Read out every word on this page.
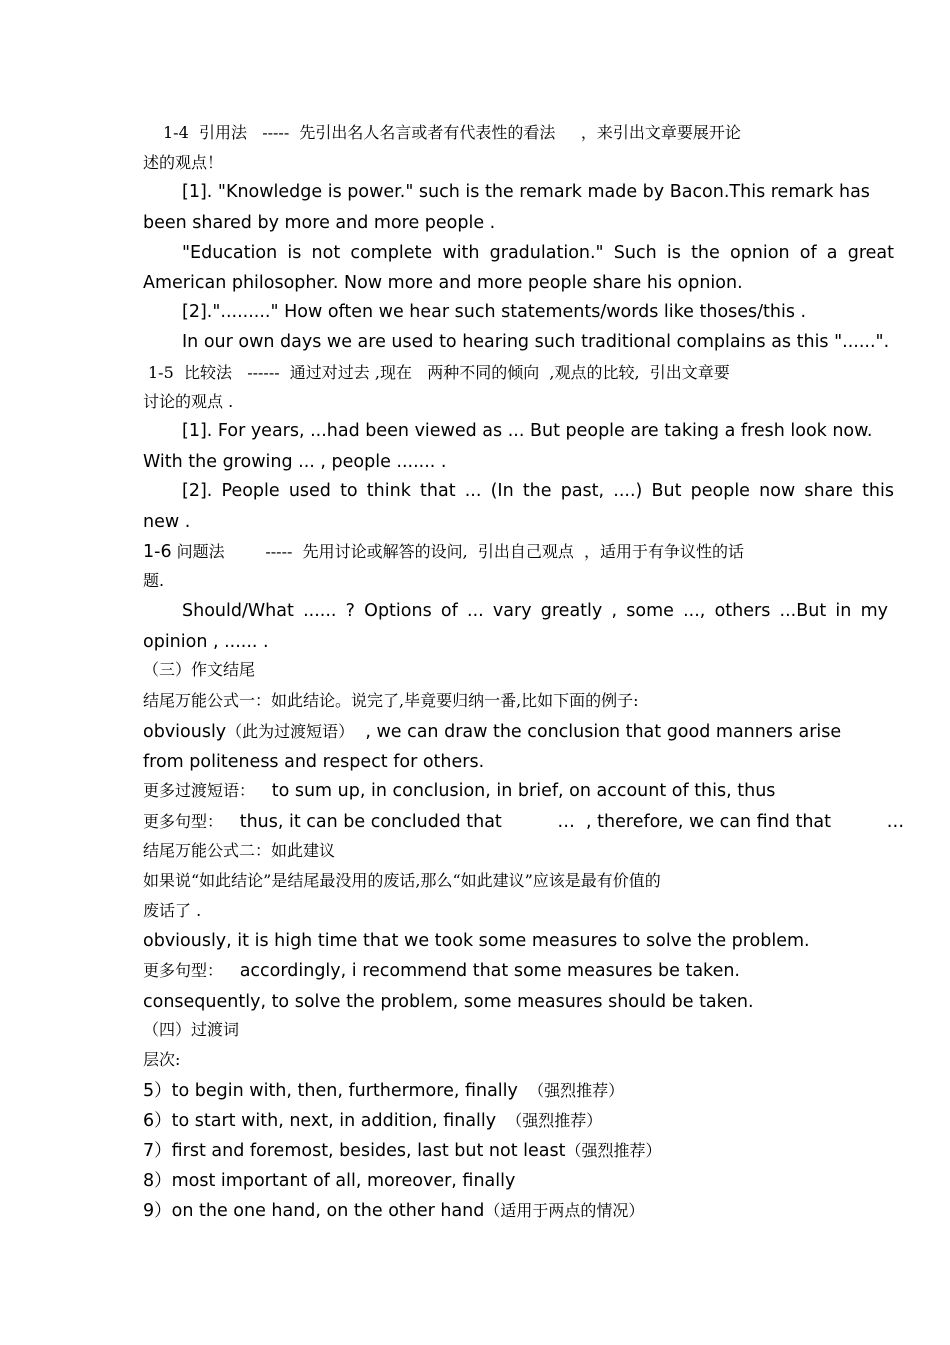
1-4  引用法   -----  先引出名人名言或者有代表性的看法     ，来引出文章要展开论
述的观点！
[1]. "Knowledge is power." such is the remark made by Bacon.This remark has
been shared by more and more people .
"Education is not complete with gradulation." Such is the opnion of a great
American philosopher. Now more and more people share his opnion.
[2]."........." How often we hear such statements/words like thoses/this .
In our own days we are used to hearing such traditional complains as this "......".
1-5  比较法   ------  通过对过去 ,现在   两种不同的倾向  ,观点的比较,  引出文章要
讨论的观点 .
[1]. For years, ...had been viewed as ... But people are taking a fresh look now.
With the growing ... , people ....... .
[2]. People used to think that ... (In the past, ....) But people now share this
new .
1-6 问题法        -----  先用讨论或解答的设问,  引出自己观点  ，适用于有争议性的话
题.
Should/What ...... ? Options of ... vary greatly , some ..., others ...But in my
opinion , ...... .
（三）作文结尾
结尾万能公式一：如此结论。说完了,毕竟要归纳一番,比如下面的例子:
obviously（此为过渡短语）  , we can draw the conclusion that good manners arise
from politeness and respect for others.
更多过渡短语：   to sum up, in conclusion, in brief, on account of this, thus
更多句型：   thus, it can be concluded that          …  , therefore, we can find that          …
结尾万能公式二：如此建议
如果说“如此结论”是结尾最没用的废话,那么“如此建议”应该是最有价值的
废话了 .
obviously, it is high time that we took some measures to solve the problem.
更多句型：   accordingly, i recommend that some measures be taken.
consequently, to solve the problem, some measures should be taken.
（四）过渡词
层次:
5）to begin with, then, furthermore, finally  （强烈推荐）
6）to start with, next, in addition, finally  （强烈推荐）
7）first and foremost, besides, last but not least（强烈推荐）
8）most important of all, moreover, finally
9）on the one hand, on the other hand（适用于两点的情况）
